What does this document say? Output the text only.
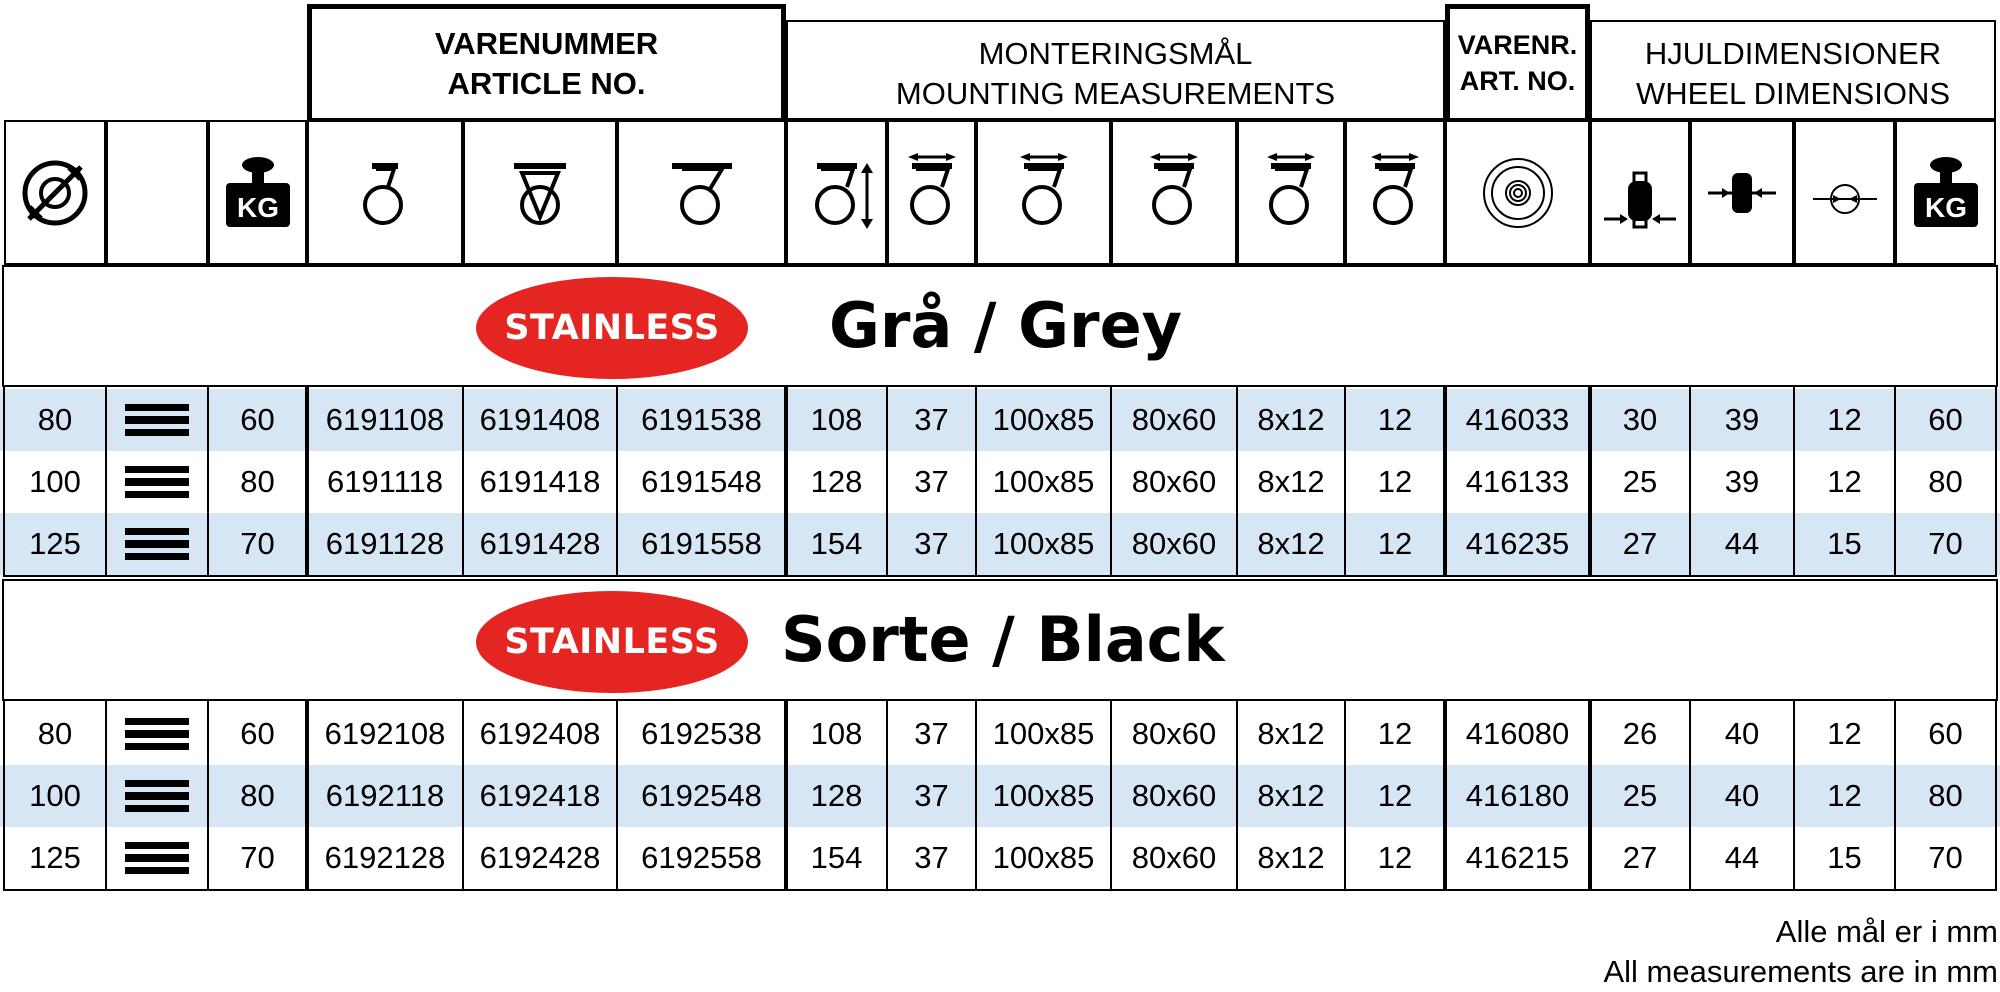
VARENUMMER
ARTICLE NO.
MONTERINGSMÅL
MOUNTING MEASUREMENTS
VARENR.
ART. NO.
HJULDIMENSIONER
WHEEL DIMENSIONS
KG	KG
STAINLESS	Grå / Grey
80	60	6191108	6191408	6191538	108	37	100x85	80x60	8x12	12	416033	30	39	12	60
100	80	6191118	6191418	6191548	128	37	100x85	80x60	8x12	12	416133	25	39	12	80
125	70	6191128	6191428	6191558	154	37	100x85	80x60	8x12	12	416235	27	44	15	70
STAINLESS Sorte / Black
80	60	6192108	6192408	6192538	108	37	100x85	80x60	8x12	12	416080	26	40	12	60
100	80	6192118	6192418	6192548	128	37	100x85	80x60	8x12	12	416180	25	40	12	80
125	70	6192128	6192428	6192558	154	37	100x85	80x60	8x12	12	416215	27	44	15	70
Alle mål er i mm
All measurements are in mm
